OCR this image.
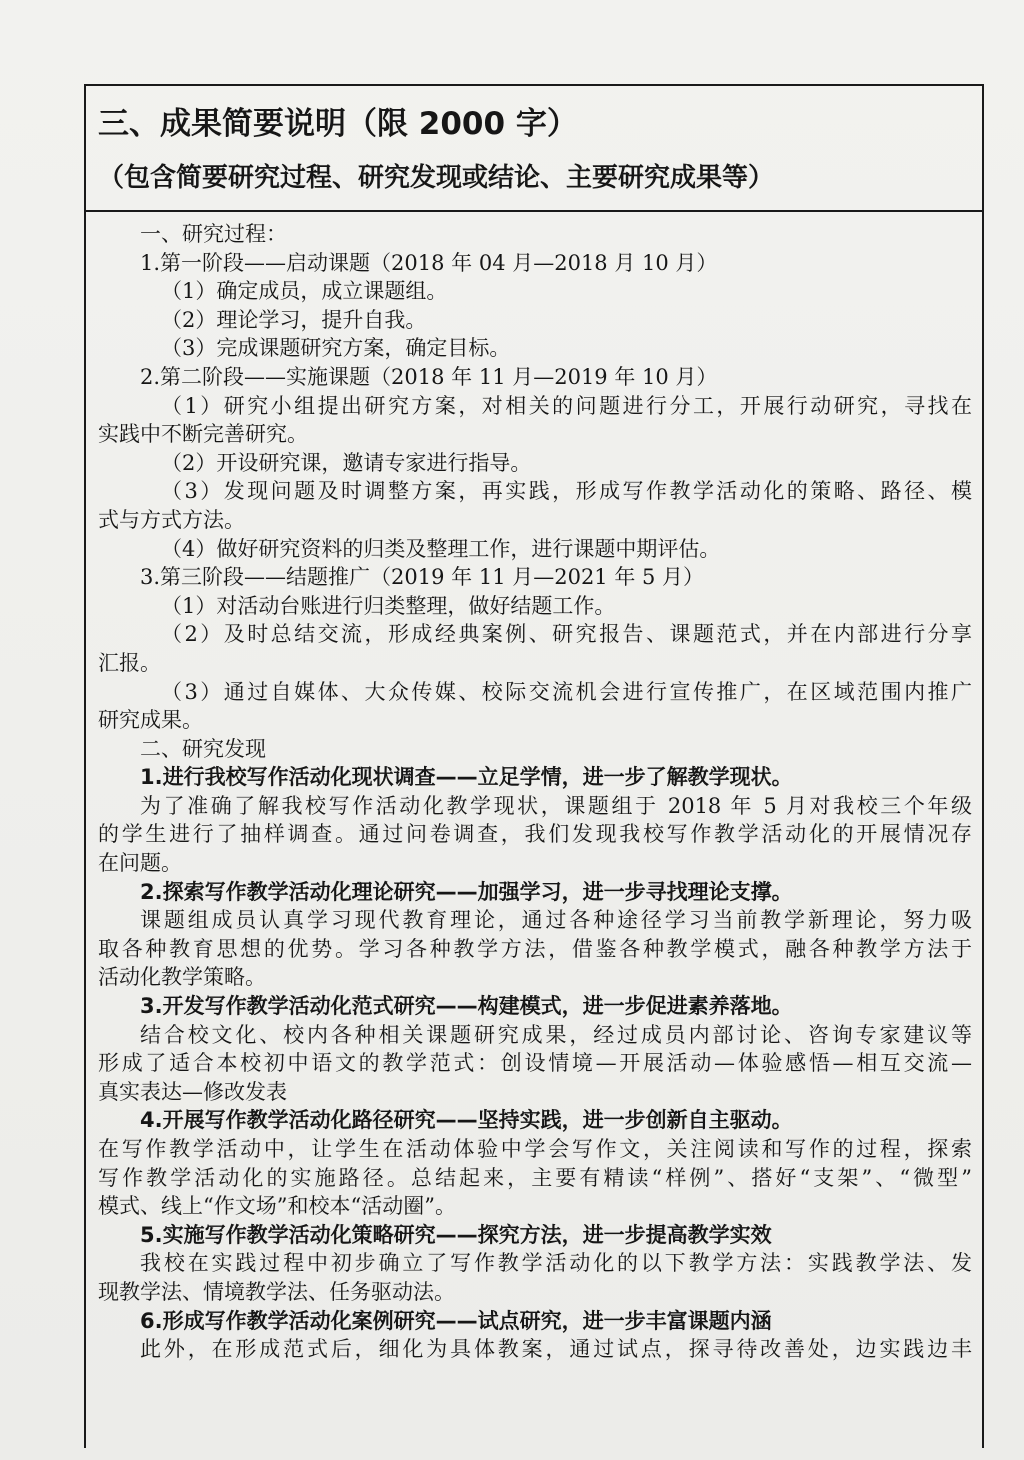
三、成果简要说明（限 2000 字）
（包含简要研究过程、研究发现或结论、主要研究成果等）
一、研究过程：
1.第一阶段——启动课题（2018 年 04 月—2018 月 10 月）
（1）确定成员，成立课题组。
（2）理论学习，提升自我。
（3）完成课题研究方案，确定目标。
2.第二阶段——实施课题（2018 年 11 月—2019 年 10 月）
（1）研究小组提出研究方案，对相关的问题进行分工，开展行动研究，寻找在
实践中不断完善研究。
（2）开设研究课，邀请专家进行指导。
（3）发现问题及时调整方案，再实践，形成写作教学活动化的策略、路径、模
式与方式方法。
（4）做好研究资料的归类及整理工作，进行课题中期评估。
3.第三阶段——结题推广（2019 年 11 月—2021 年 5 月）
（1）对活动台账进行归类整理，做好结题工作。
（2）及时总结交流，形成经典案例、研究报告、课题范式，并在内部进行分享
汇报。
（3）通过自媒体、大众传媒、校际交流机会进行宣传推广，在区域范围内推广
研究成果。
二、研究发现
1.进行我校写作活动化现状调查——立足学情，进一步了解教学现状。
为了准确了解我校写作活动化教学现状，课题组于 2018 年 5 月对我校三个年级
的学生进行了抽样调查。通过问卷调查，我们发现我校写作教学活动化的开展情况存
在问题。
2.探索写作教学活动化理论研究——加强学习，进一步寻找理论支撑。
课题组成员认真学习现代教育理论，通过各种途径学习当前教学新理论，努力吸
取各种教育思想的优势。学习各种教学方法，借鉴各种教学模式，融各种教学方法于
活动化教学策略。
3.开发写作教学活动化范式研究——构建模式，进一步促进素养落地。
结合校文化、校内各种相关课题研究成果，经过成员内部讨论、咨询专家建议等
形成了适合本校初中语文的教学范式：创设情境—开展活动—体验感悟—相互交流—
真实表达—修改发表
4.开展写作教学活动化路径研究——坚持实践，进一步创新自主驱动。
在写作教学活动中，让学生在活动体验中学会写作文，关注阅读和写作的过程，探索
写作教学活动化的实施路径。总结起来，主要有精读“样例”、搭好“支架”、“微型”
模式、线上“作文场”和校本“活动圈”。
5.实施写作教学活动化策略研究——探究方法，进一步提高教学实效
我校在实践过程中初步确立了写作教学活动化的以下教学方法：实践教学法、发
现教学法、情境教学法、任务驱动法。
6.形成写作教学活动化案例研究——试点研究，进一步丰富课题内涵
此外，在形成范式后，细化为具体教案，通过试点，探寻待改善处，边实践边丰
